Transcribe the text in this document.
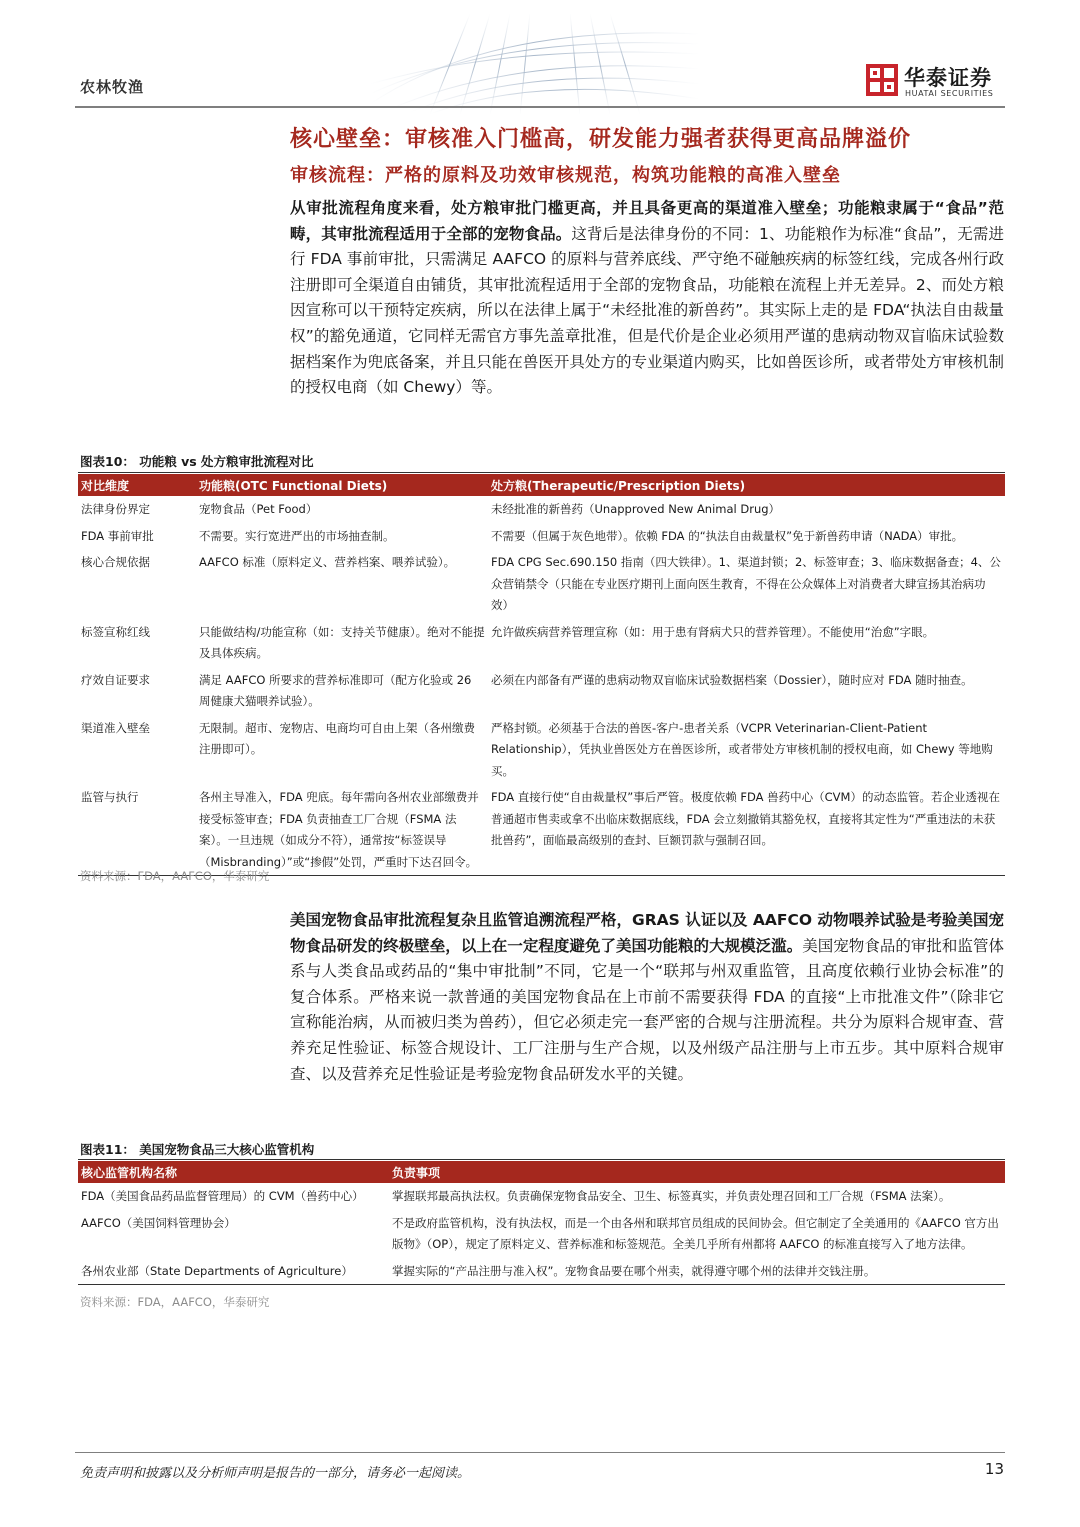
农林牧渔	华泰证券
HUATAI SECURITIES
核心壁垒：审核准入门槛高，研发能力强者获得更高品牌溢价
审核流程：严格的原料及功效审核规范，构筑功能粮的高准入壁垒
从审批流程角度来看，处方粮审批门槛更高，并且具备更高的渠道准入壁垒；功能粮隶属于“食品”范畴，其审批流程适用于全部的宠物食品。这背后是法律身份的不同：1、功能粮作为标准“食品”，无需进行 FDA 事前审批，只需满足 AAFCO 的原料与营养底线、严守绝不碰触疾病的标签红线，完成各州行政注册即可全渠道自由铺货，其审批流程适用于全部的宠物食品，功能粮在流程上并无差异。2、而处方粮因宣称可以干预特定疾病，所以在法律上属于“未经批准的新兽药”。其实际上走的是 FDA“执法自由裁量权”的豁免通道，它同样无需官方事先盖章批准，但是代价是企业必须用严谨的患病动物双盲临床试验数据档案作为兜底备案，并且只能在兽医开具处方的专业渠道内购买，比如兽医诊所，或者带处方审核机制的授权电商（如 Chewy）等。
图表10： 功能粮 vs 处方粮审批流程对比
对比维度	功能粮(OTC Functional Diets)	处方粮(Therapeutic/Prescription Diets)
法律身份界定	宠物食品（Pet Food）	未经批准的新兽药（Unapproved New Animal Drug）
FDA 事前审批	不需要。实行宽进严出的市场抽查制。	不需要（但属于灰色地带）。依赖 FDA 的“执法自由裁量权”免于新兽药申请（NADA）审批。
核心合规依据	AAFCO 标准（原料定义、营养档案、喂养试验）。	FDA CPG Sec.690.150 指南（四大铁律）。1、渠道封锁；2、标签审查；3、临床数据备查；4、公众营销禁令（只能在专业医疗期刊上面向医生教育，不得在公众媒体上对消费者大肆宣扬其治病功效）
标签宣称红线	只能做结构/功能宣称（如：支持关节健康）。绝对不能提及具体疾病。	允许做疾病营养管理宣称（如：用于患有肾病犬只的营养管理）。不能使用“治愈”字眼。
疗效自证要求	满足 AAFCO 所要求的营养标准即可（配方化验或 26 周健康犬猫喂养试验）。	必须在内部备有严谨的患病动物双盲临床试验数据档案（Dossier），随时应对 FDA 随时抽查。
渠道准入壁垒	无限制。超市、宠物店、电商均可自由上架（各州缴费注册即可）。	严格封锁。必须基于合法的兽医-客户-患者关系（VCPR Veterinarian-Client-Patient Relationship），凭执业兽医处方在兽医诊所，或者带处方审核机制的授权电商，如 Chewy 等地购买。
监管与执行	各州主导准入，FDA 兜底。每年需向各州农业部缴费并接受标签审查；FDA 负责抽查工厂合规（FSMA 法案）。一旦违规（如成分不符），通常按“标签误导（Misbranding）”或“掺假”处罚，严重时下达召回令。	FDA 直接行使“自由裁量权”事后严管。极度依赖 FDA 兽药中心（CVM）的动态监管。若企业透视在普通超市售卖或拿不出临床数据底线，FDA 会立刻撤销其豁免权，直接将其定性为“严重违法的未获批兽药”，面临最高级别的查封、巨额罚款与强制召回。
资料来源：FDA，AAFCO，华泰研究
美国宠物食品审批流程复杂且监管追溯流程严格，GRAS 认证以及 AAFCO 动物喂养试验是考验美国宠物食品研发的终极壁垒，以上在一定程度避免了美国功能粮的大规模泛滥。美国宠物食品的审批和监管体系与人类食品或药品的“集中审批制”不同，它是一个“联邦与州双重监管，且高度依赖行业协会标准”的复合体系。严格来说一款普通的美国宠物食品在上市前不需要获得 FDA 的直接“上市批准文件”（除非它宣称能治病，从而被归类为兽药），但它必须走完一套严密的合规与注册流程。共分为原料合规审查、营养充足性验证、标签合规设计、工厂注册与生产合规，以及州级产品注册与上市五步。其中原料合规审查、以及营养充足性验证是考验宠物食品研发水平的关键。
图表11： 美国宠物食品三大核心监管机构
核心监管机构名称	负责事项
FDA（美国食品药品监督管理局）的 CVM（兽药中心）	掌握联邦最高执法权。负责确保宠物食品安全、卫生、标签真实，并负责处理召回和工厂合规（FSMA 法案）。
AAFCO（美国饲料管理协会）	不是政府监管机构，没有执法权，而是一个由各州和联邦官员组成的民间协会。但它制定了全美通用的《AAFCO 官方出版物》（OP），规定了原料定义、营养标准和标签规范。全美几乎所有州都将 AAFCO 的标准直接写入了地方法律。
各州农业部（State Departments of Agriculture）	掌握实际的“产品注册与准入权”。宠物食品要在哪个州卖，就得遵守哪个州的法律并交钱注册。
资料来源：FDA，AAFCO，华泰研究
免责声明和披露以及分析师声明是报告的一部分，请务必一起阅读。	13
